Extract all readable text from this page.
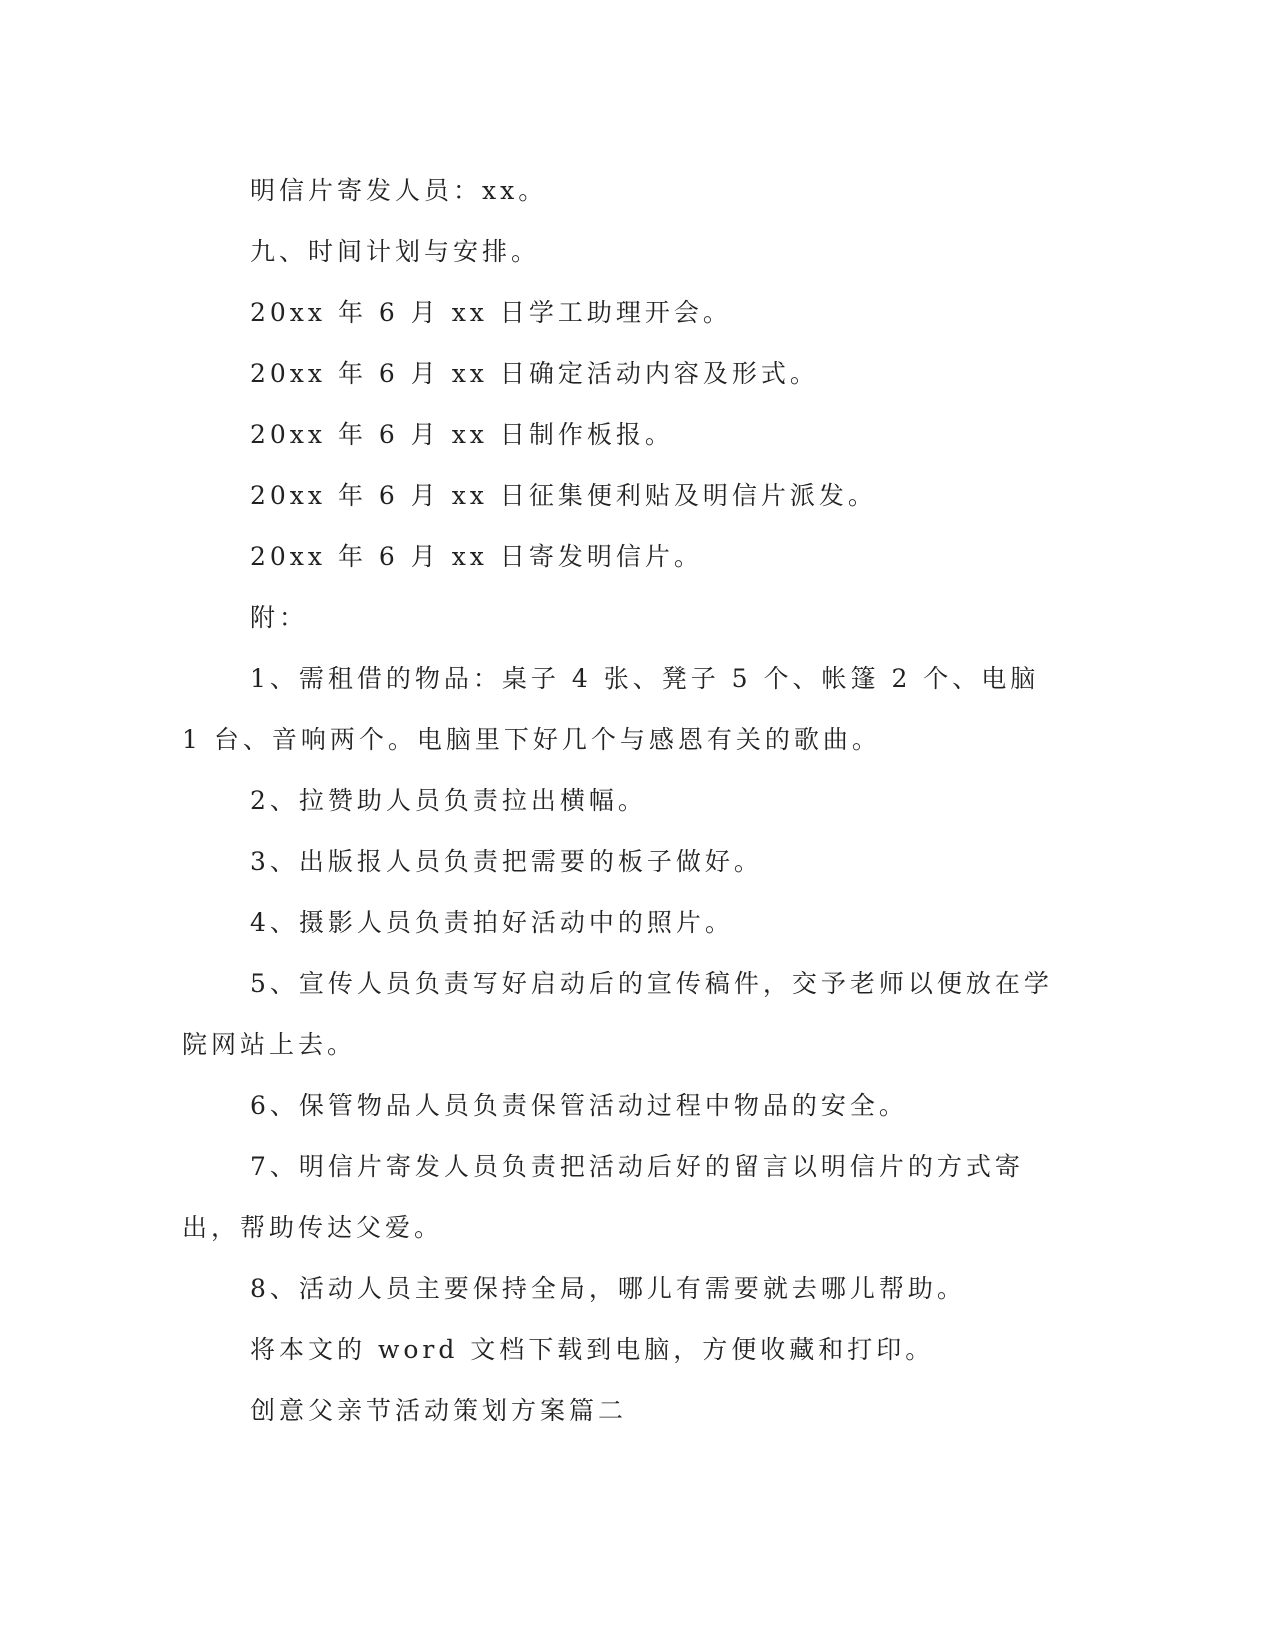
明信片寄发人员：xx。

九、时间计划与安排。

20xx 年 6 月 xx 日学工助理开会。

20xx 年 6 月 xx 日确定活动内容及形式。

20xx 年 6 月 xx 日制作板报。

20xx 年 6 月 xx 日征集便利贴及明信片派发。

20xx 年 6 月 xx 日寄发明信片。

附：

1、需租借的物品：桌子 4 张、凳子 5 个、帐篷 2 个、电脑 1 台、音响两个。电脑里下好几个与感恩有关的歌曲。

2、拉赞助人员负责拉出横幅。

3、出版报人员负责把需要的板子做好。

4、摄影人员负责拍好活动中的照片。

5、宣传人员负责写好启动后的宣传稿件，交予老师以便放在学院网站上去。

6、保管物品人员负责保管活动过程中物品的安全。

7、明信片寄发人员负责把活动后好的留言以明信片的方式寄出，帮助传达父爱。

8、活动人员主要保持全局，哪儿有需要就去哪儿帮助。

将本文的 word 文档下载到电脑，方便收藏和打印。

创意父亲节活动策划方案篇二
